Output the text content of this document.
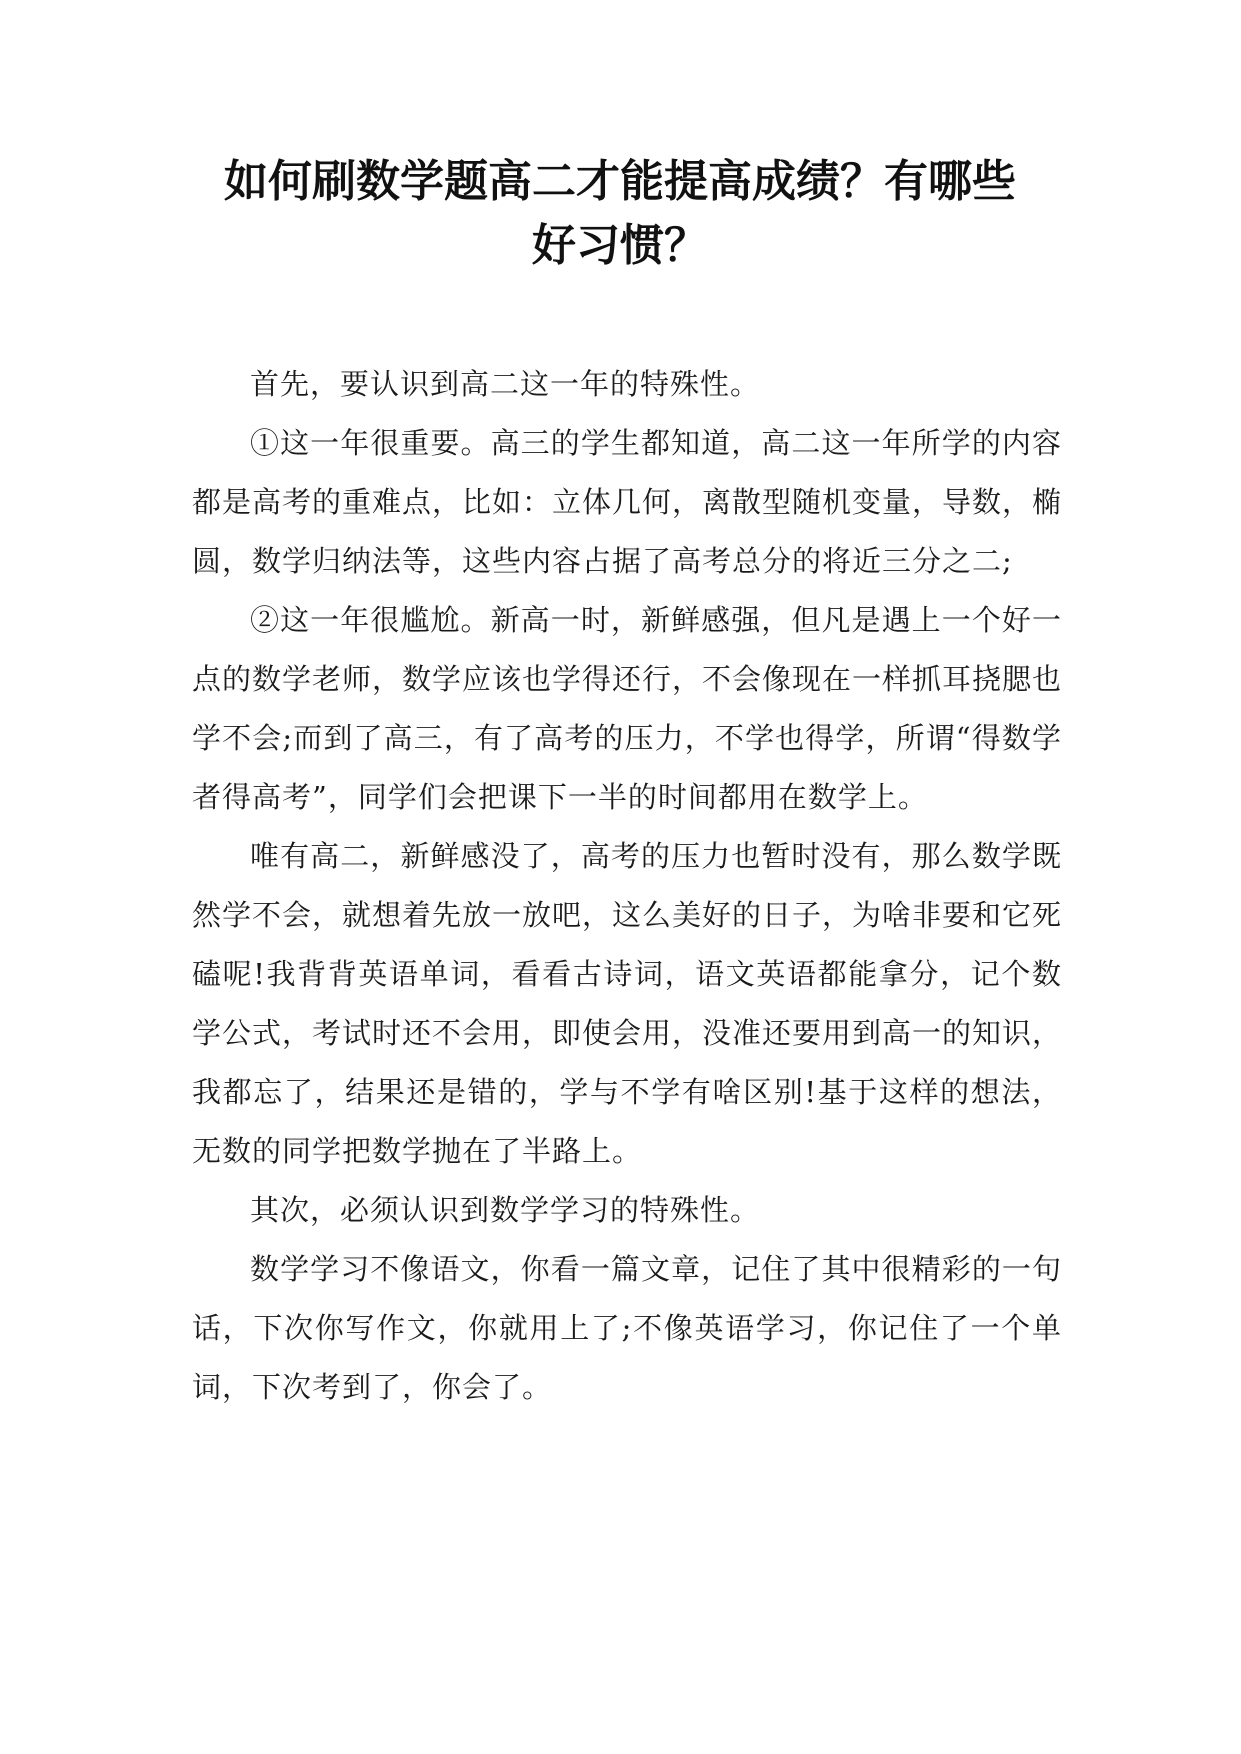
如何刷数学题高二才能提高成绩？有哪些
好习惯？

首先，要认识到高二这一年的特殊性。

①这一年很重要。高三的学生都知道，高二这一年所学的内容都是高考的重难点，比如：立体几何，离散型随机变量，导数，椭圆，数学归纳法等，这些内容占据了高考总分的将近三分之二;

②这一年很尴尬。新高一时，新鲜感强，但凡是遇上一个好一点的数学老师，数学应该也学得还行，不会像现在一样抓耳挠腮也学不会;而到了高三，有了高考的压力，不学也得学，所谓“得数学者得高考”，同学们会把课下一半的时间都用在数学上。

唯有高二，新鲜感没了，高考的压力也暂时没有，那么数学既然学不会，就想着先放一放吧，这么美好的日子，为啥非要和它死磕呢!我背背英语单词，看看古诗词，语文英语都能拿分，记个数学公式，考试时还不会用，即使会用，没准还要用到高一的知识，我都忘了，结果还是错的，学与不学有啥区别!基于这样的想法，无数的同学把数学抛在了半路上。

其次，必须认识到数学学习的特殊性。

数学学习不像语文，你看一篇文章，记住了其中很精彩的一句话，下次你写作文，你就用上了;不像英语学习，你记住了一个单词，下次考到了，你会了。
